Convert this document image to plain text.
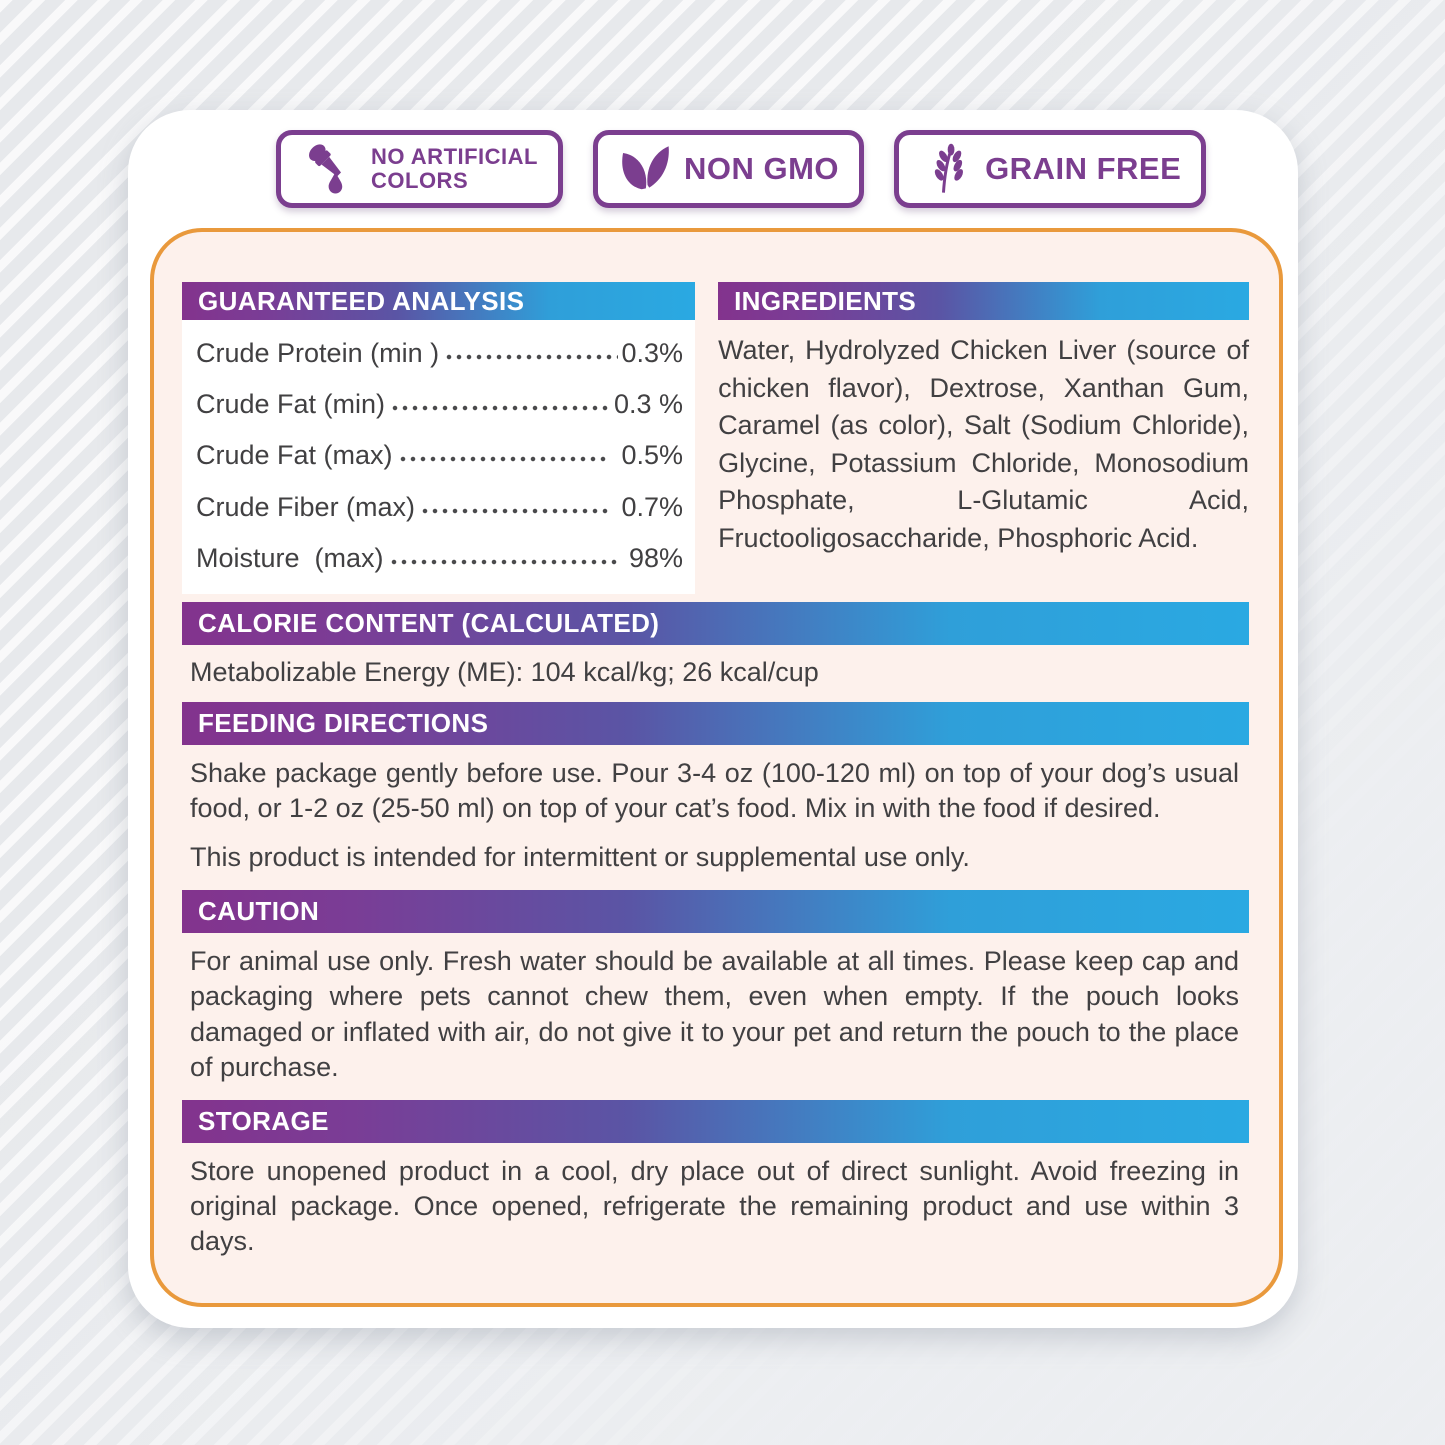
NO ARTIFICIAL
COLORS	NON GMO	GRAIN FREE
GUARANTEED ANALYSIS
Crude Protein (min )	0.3%
Crude Fat (min)	0.3 %
Crude Fat (max)	0.5%
Crude Fiber (max)	0.7%
Moisture  (max)	98%
INGREDIENTS

Water, Hydrolyzed Chicken Liver (source of chicken flavor), Dextrose, Xanthan Gum, Caramel (as color), Salt (Sodium Chloride), Glycine, Potassium Chloride, Monosodium Phosphate, L-Glutamic Acid, Fructooligosaccharide, Phosphoric Acid.

CALORIE CONTENT (CALCULATED)

Metabolizable Energy (ME): 104 kcal/kg; 26 kcal/cup

FEEDING DIRECTIONS

Shake package gently before use. Pour 3-4 oz (100-120 ml) on top of your dog’s usual food, or 1-2 oz (25-50 ml) on top of your cat’s food. Mix in with the food if desired.

This product is intended for intermittent or supplemental use only.

CAUTION

For animal use only. Fresh water should be available at all times. Please keep cap and packaging where pets cannot chew them, even when empty. If the pouch looks damaged or inflated with air, do not give it to your pet and return the pouch to the place of purchase.

STORAGE

Store unopened product in a cool, dry place out of direct sunlight. Avoid freezing in original package. Once opened, refrigerate the remaining product and use within 3 days.
